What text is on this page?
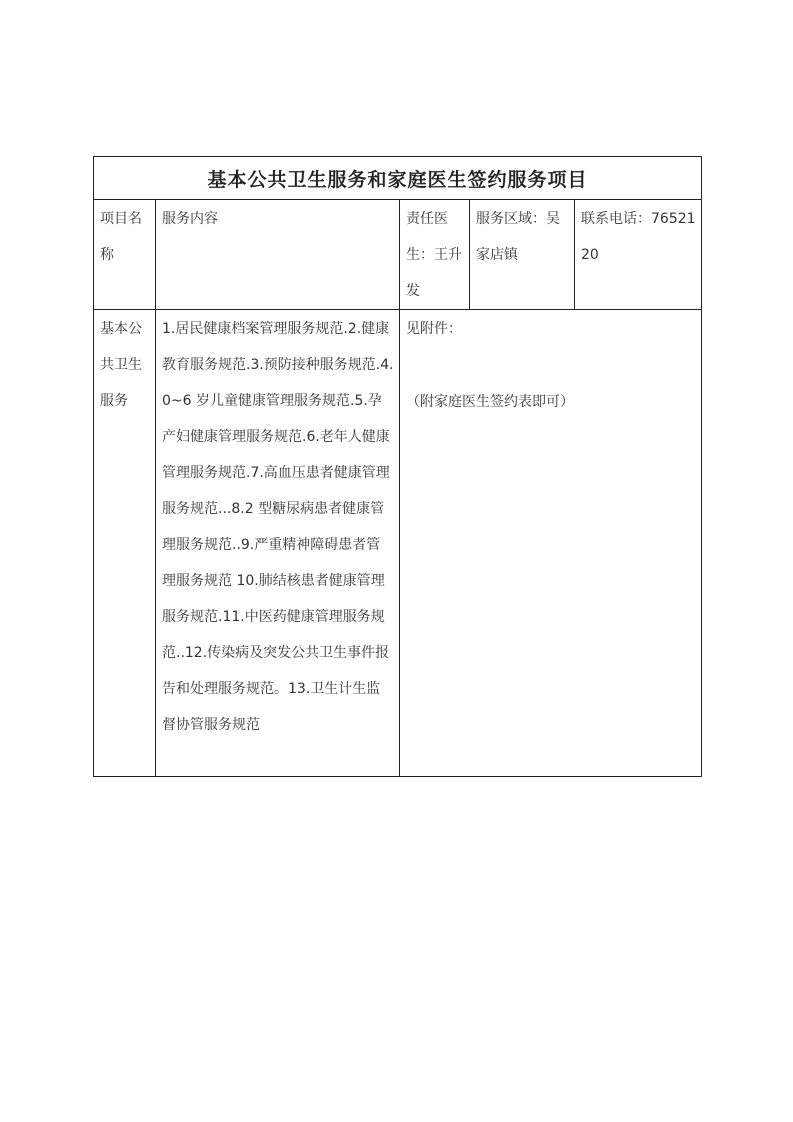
基本公共卫生服务和家庭医生签约服务项目				

项目名称	服务内容	责任医生：王升发	服务区域：吴家店镇	联系电话：7652120

基本公共卫生服务	1.居民健康档案管理服务规范.2.健康教育服务规范.3.预防接种服务规范.4.0~6 岁儿童健康管理服务规范.5.孕产妇健康管理服务规范.6.老年人健康管理服务规范.7.高血压患者健康管理服务规范...8.2 型糖尿病患者健康管理服务规范..9.严重精神障碍患者管理服务规范 10.肺结核患者健康管理服务规范.11.中医药健康管理服务规范..12.传染病及突发公共卫生事件报告和处理服务规范。13.卫生计生监督协管服务规范	见附件：
（附家庭医生签约表即可）		
